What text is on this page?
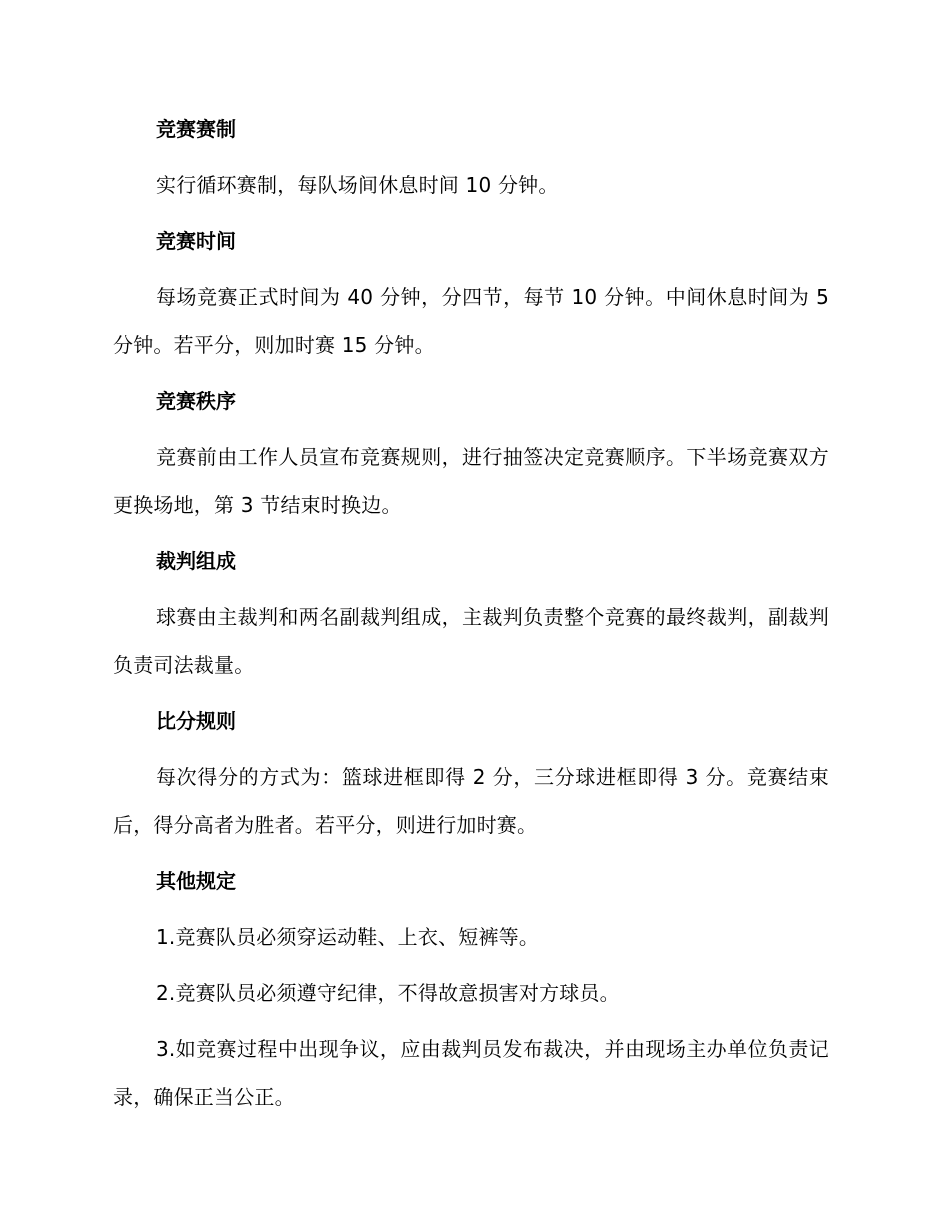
竞赛赛制

实行循环赛制，每队场间休息时间 10 分钟。

竞赛时间

每场竞赛正式时间为 40 分钟，分四节，每节 10 分钟。中间休息时间为 5 分钟。若平分，则加时赛 15 分钟。

竞赛秩序

竞赛前由工作人员宣布竞赛规则，进行抽签决定竞赛顺序。下半场竞赛双方更换场地，第 3 节结束时换边。

裁判组成

球赛由主裁判和两名副裁判组成，主裁判负责整个竞赛的最终裁判，副裁判负责司法裁量。

比分规则

每次得分的方式为：篮球进框即得 2 分，三分球进框即得 3 分。竞赛结束后，得分高者为胜者。若平分，则进行加时赛。

其他规定

1.竞赛队员必须穿运动鞋、上衣、短裤等。

2.竞赛队员必须遵守纪律，不得故意损害对方球员。

3.如竞赛过程中出现争议，应由裁判员发布裁决，并由现场主办单位负责记录，确保正当公正。
